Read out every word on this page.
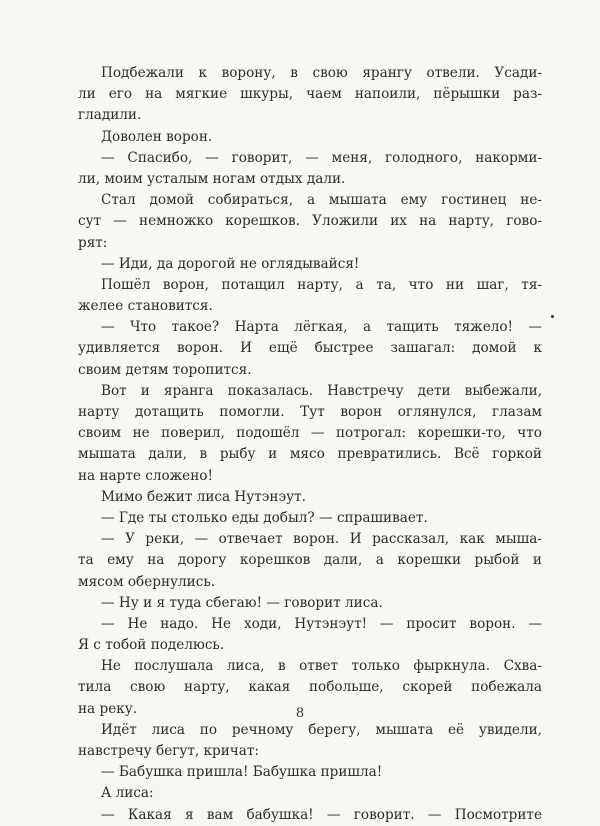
Подбежали к ворону, в свою ярангу отвели. Усади-
ли его на мягкие шкуры, чаем напоили, пёрышки раз-
гладили.
Доволен ворон.
— Спасибо, — говорит, — меня, голодного, накорми-
ли, моим усталым ногам отдых дали.
Стал домой собираться, а мышата ему гостинец не-
сут — немножко корешков. Уложили их на нарту, гово-
рят:
— Иди, да дорогой не оглядывайся!
Пошёл ворон, потащил нарту, а та, что ни шаг, тя-
желее становится.
— Что такое? Нарта лёгкая, а тащить тяжело! —
удивляется ворон. И ещё быстрее зашагал: домой к
своим детям торопится.
Вот и яранга показалась. Навстречу дети выбежали,
нарту дотащить помогли. Тут ворон оглянулся, глазам
своим не поверил, подошёл — потрогал: корешки-то, что
мышата дали, в рыбу и мясо превратились. Всё горкой
на нарте сложено!
Мимо бежит лиса Нутэнэут.
— Где ты столько еды добыл? — спрашивает.
— У реки, — отвечает ворон. И рассказал, как мыша-
та ему на дорогу корешков дали, а корешки рыбой и
мясом обернулись.
— Ну и я туда сбегаю! — говорит лиса.
— Не надо. Не ходи, Нутэнэут! — просит ворон. —
Я с тобой поделюсь.
Не послушала лиса, в ответ только фыркнула. Схва-
тила свою нарту, какая побольше, скорей побежала
на реку.
Идёт лиса по речному берегу, мышата её увидели,
навстречу бегут, кричат:
— Бабушка пришла! Бабушка пришла!
А лиса:
— Какая я вам бабушка! — говорит. — Посмотрите
8
